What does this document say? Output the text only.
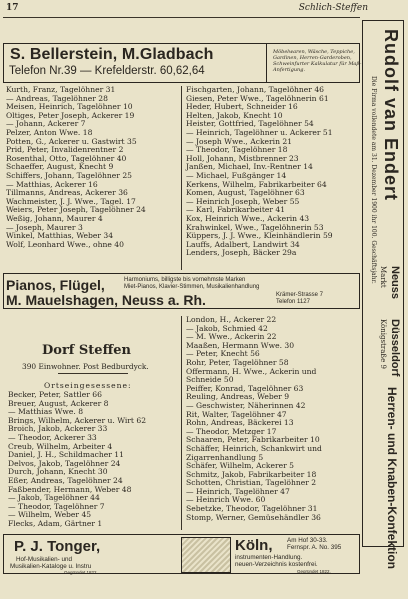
17	Schlich-Steffen
S. Bellerstein, M.Gladbach
Telefon Nr.39 — Krefelderstr. 60,62,64
Möbelwaren, Wäsche, Teppiche,
Gardinen, Herren-Garderoben,
Schweinfurter Kalkulatur für Maß-
Anfertigung.	Rudolf van Endert
Die Firma vollendete am 31. Dezember 1900 ihr 100. Geschäftsjahr. Neuss
Markt
Düsseldorf
Königstraße 9
Herren- und Knaben-Konfektion
Kurth, Franz, Tagelöhner 31
— Andreas, Tagelöhner 28
Meisen, Heinrich, Tagelöhner 10
Oltiges, Peter Joseph, Ackerer 19
— Johann, Ackerer 7
Pelzer, Anton Wwe. 18
Potten, G., Ackerer u. Gastwirt 35
Prid, Peter, Invalidenrentner 2
Rosenthal, Otto, Tagelöhner 40
Schaeffer, August, Knecht 9
Schiffers, Johann, Tagelöhner 25
— Matthias, Ackerer 16
Tillmanns, Andreas, Ackerer 36
Wachmeister, J. J. Wwe., Tagel. 17
Weiers, Peter Joseph, Tagelöhner 24
Weßig, Johann, Maurer 4
— Joseph, Maurer 3
Winkel, Matthias, Weber 34
Wolf, Leonhard Wwe., ohne 40
Fischgarten, Johann, Tagelöhner 46
Giesen, Peter Wwe., Tagelöhnerin 61
Heder, Hubert, Schneider 16
Helten, Jakob, Knecht 10
Heister, Gottfried, Tagelöhner 54
— Heinrich, Tagelöhner u. Ackerer 51
— Joseph Wwe., Ackerin 21
— Theodor, Tagelöhner 18
Holl, Johann, Mistbrenner 23
Janßen, Michael, Inv.-Rentner 14
— Michael, Fußgänger 14
Kerkens, Wilhelm, Fabrikarbeiter 64
Komen, August, Tagelöhner 63
— Heinrich Joseph, Weber 55
— Karl, Fabrikarbeiter 41
Kox, Heinrich Wwe., Ackerin 43
Krahwinkel, Wwe., Tagelöhnerin 53
Küppers, J. J. Wwe., Kleinhändlerin 59
Lauffs, Adalbert, Landwirt 34
Lenders, Joseph, Bäcker 29a
Pianos, Flügel,	Harmoniums, billigste bis vornehmste Marken
Miet-Pianos, Klavier-Stimmen, Musikalienhandlung
M. Mauelshagen, Neuss a. Rh.	Krämer-Strasse 7
Telefon 1127
Dorf Steffen
390 Einwohner. Post Bedburdyck.
Ortseingesessene:
Becker, Peter, Sattler 66
Breuer, August, Ackerer 8
— Matthias Wwe. 8
Brings, Wilhelm, Ackerer u. Wirt 62
Broich, Jakob, Ackerer 33
— Theodor, Ackerer 33
Creub, Wilhelm, Arbeiter 4
Daniel, J. H., Schildmacher 11
Delvos, Jakob, Tagelöhner 24
Durch, Johann, Knecht 30
Eßer, Andreas, Tagelöhner 24
Faßbender, Hermann, Weber 48
— Jakob, Tagelöhner 44
— Theodor, Tagelöhner 7
— Wilhelm, Weber 45
Flecks, Adam, Gärtner 1
London, H., Ackerer 22
— Jakob, Schmied 42
— M. Wwe., Ackerin 22
Maaßen, Hermann Wwe. 30
— Peter, Knecht 56
Rohr, Peter, Tagelöhner 58
Offermann, H. Wwe., Ackerin und
Schneide 50
Peiffer, Konrad, Tagelöhner 63
Reuling, Andreas, Weber 9
— Geschwister, Näherinnen 42
Rit, Walter, Tagelöhner 47
Rohn, Andreas, Bäckerei 13
— Theodor, Metzger 17
Schaaren, Peter, Fabrikarbeiter 10
Schäffer, Heinrich, Schankwirt und
Zigarrenhandlung 5
Schäfer, Wilhelm, Ackerer 5
Schmitz, Jakob, Fabrikarbeiter 18
Schotten, Christian, Tagelöhner 2
— Heinrich, Tagelöhner 47
— Heinrich Wwe. 60
Sebetzke, Theodor, Tagelöhner 31
Stomp, Werner, Gemüsehändler 36
P. J. Tonger,
Hof-Musikalien- und
Musikalien-Kataloge u. Instru
Gegründet 1822.
Köln, Am Hof 30-33.
Fernspr. A. No. 395
instrumenten-Handlung.
neuen-Verzeichnis kostenfrei.
Gegründet 1822.
